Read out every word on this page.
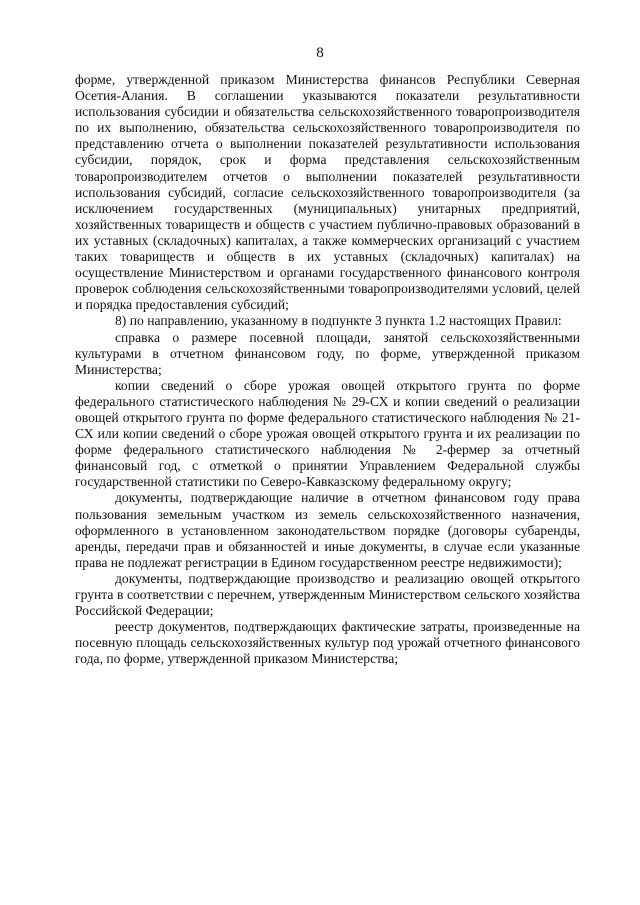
8

форме, утвержденной приказом Министерства финансов Республики Северная Осетия-Алания. В соглашении указываются показатели результативности использования субсидии и обязательства сельскохозяйственного товаропроизводителя по их выполнению, обязательства сельскохозяйственного товаропроизводителя по представлению отчета о выполнении показателей результативности использования субсидии, порядок, срок и форма представления сельскохозяйственным товаропроизводителем отчетов о выполнении показателей результативности использования субсидий, согласие сельскохозяйственного товаропроизводителя (за исключением государственных (муниципальных) унитарных предприятий, хозяйственных товариществ и обществ с участием публично-правовых образований в их уставных (складочных) капиталах, а также коммерческих организаций с участием таких товариществ и обществ в их уставных (складочных) капиталах) на осуществление Министерством и органами государственного финансового контроля проверок соблюдения сельскохозяйственными товаропроизводителями условий, целей и порядка предоставления субсидий;

8) по направлению, указанному в подпункте 3 пункта 1.2 настоящих Правил:

справка о размере посевной площади, занятой сельскохозяйственными культурами в отчетном финансовом году, по форме, утвержденной приказом Министерства;

копии сведений о сборе урожая овощей открытого грунта по форме федерального статистического наблюдения № 29-СХ и копии сведений о реализации овощей открытого грунта по форме федерального статистического наблюдения № 21-СХ или копии сведений о сборе урожая овощей открытого грунта и их реализации по форме федерального статистического наблюдения № 2-фермер за отчетный финансовый год, с отметкой о принятии Управлением Федеральной службы государственной статистики по Северо-Кавказскому федеральному округу;

документы, подтверждающие наличие в отчетном финансовом году права пользования земельным участком из земель сельскохозяйственного назначения, оформленного в установленном законодательством порядке (договоры субаренды, аренды, передачи прав и обязанностей и иные документы, в случае если указанные права не подлежат регистрации в Едином государственном реестре недвижимости);

документы, подтверждающие производство и реализацию овощей открытого грунта в соответствии с перечнем, утвержденным Министерством сельского хозяйства Российской Федерации;

реестр документов, подтверждающих фактические затраты, произведенные на посевную площадь сельскохозяйственных культур под урожай отчетного финансового года, по форме, утвержденной приказом Министерства;
